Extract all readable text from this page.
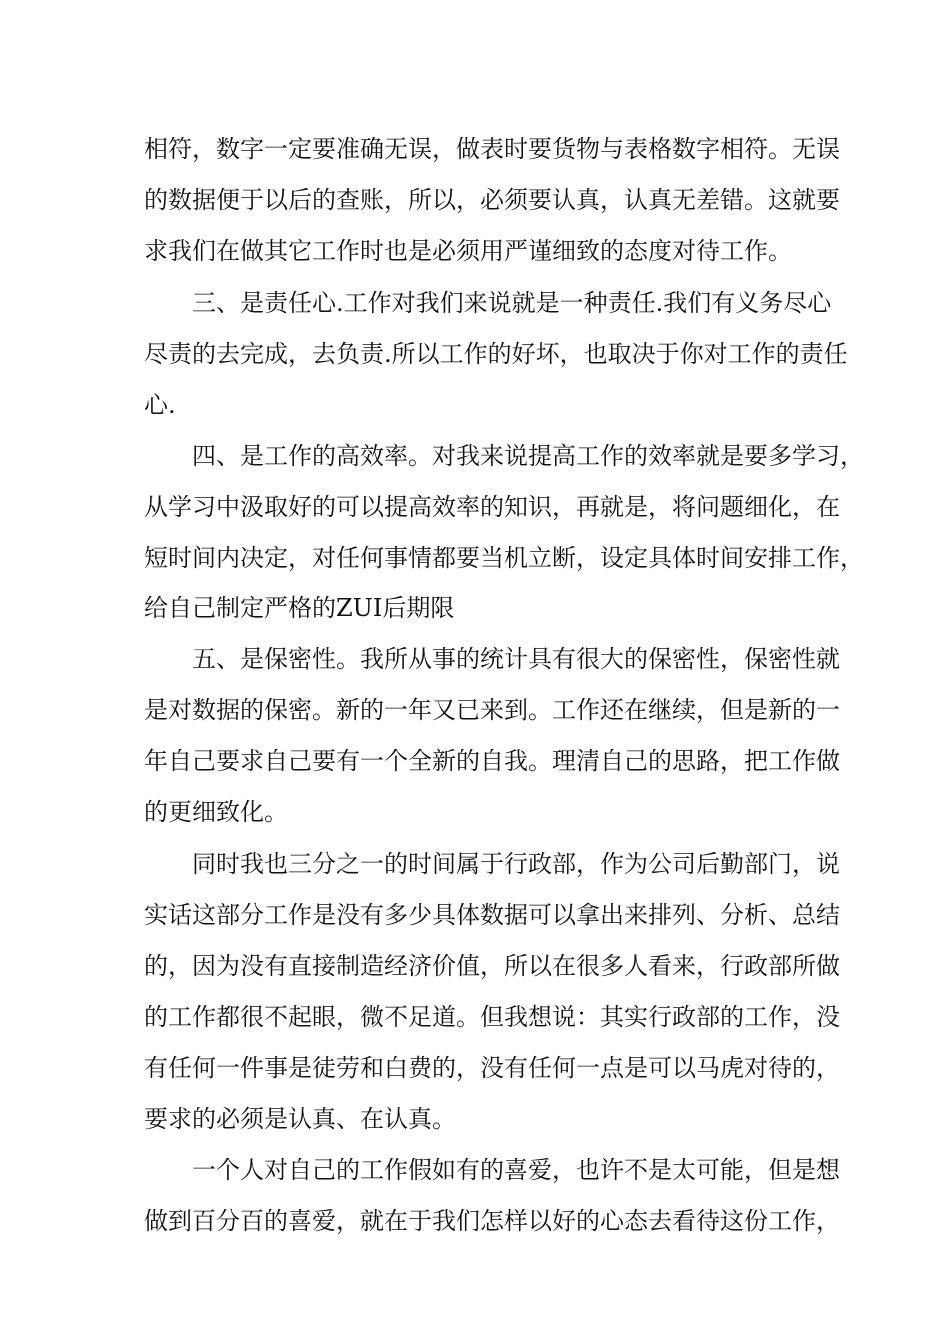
相符，数字一定要准确无误，做表时要货物与表格数字相符。无误
的数据便于以后的查账，所以，必须要认真，认真无差错。这就要
求我们在做其它工作时也是必须用严谨细致的态度对待工作。
三、是责任心.工作对我们来说就是一种责任.我们有义务尽心
尽责的去完成，去负责.所以工作的好坏，也取决于你对工作的责任
心.
四、是工作的高效率。对我来说提高工作的效率就是要多学习，
从学习中汲取好的可以提高效率的知识，再就是，将问题细化，在
短时间内决定，对任何事情都要当机立断，设定具体时间安排工作，
给自己制定严格的ZUI后期限
五、是保密性。我所从事的统计具有很大的保密性，保密性就
是对数据的保密。新的一年又已来到。工作还在继续，但是新的一
年自己要求自己要有一个全新的自我。理清自己的思路，把工作做
的更细致化。
同时我也三分之一的时间属于行政部，作为公司后勤部门，说
实话这部分工作是没有多少具体数据可以拿出来排列、分析、总结
的，因为没有直接制造经济价值，所以在很多人看来，行政部所做
的工作都很不起眼，微不足道。但我想说：其实行政部的工作，没
有任何一件事是徒劳和白费的，没有任何一点是可以马虎对待的，
要求的必须是认真、在认真。
一个人对自己的工作假如有的喜爱，也许不是太可能，但是想
做到百分百的喜爱，就在于我们怎样以好的心态去看待这份工作，
